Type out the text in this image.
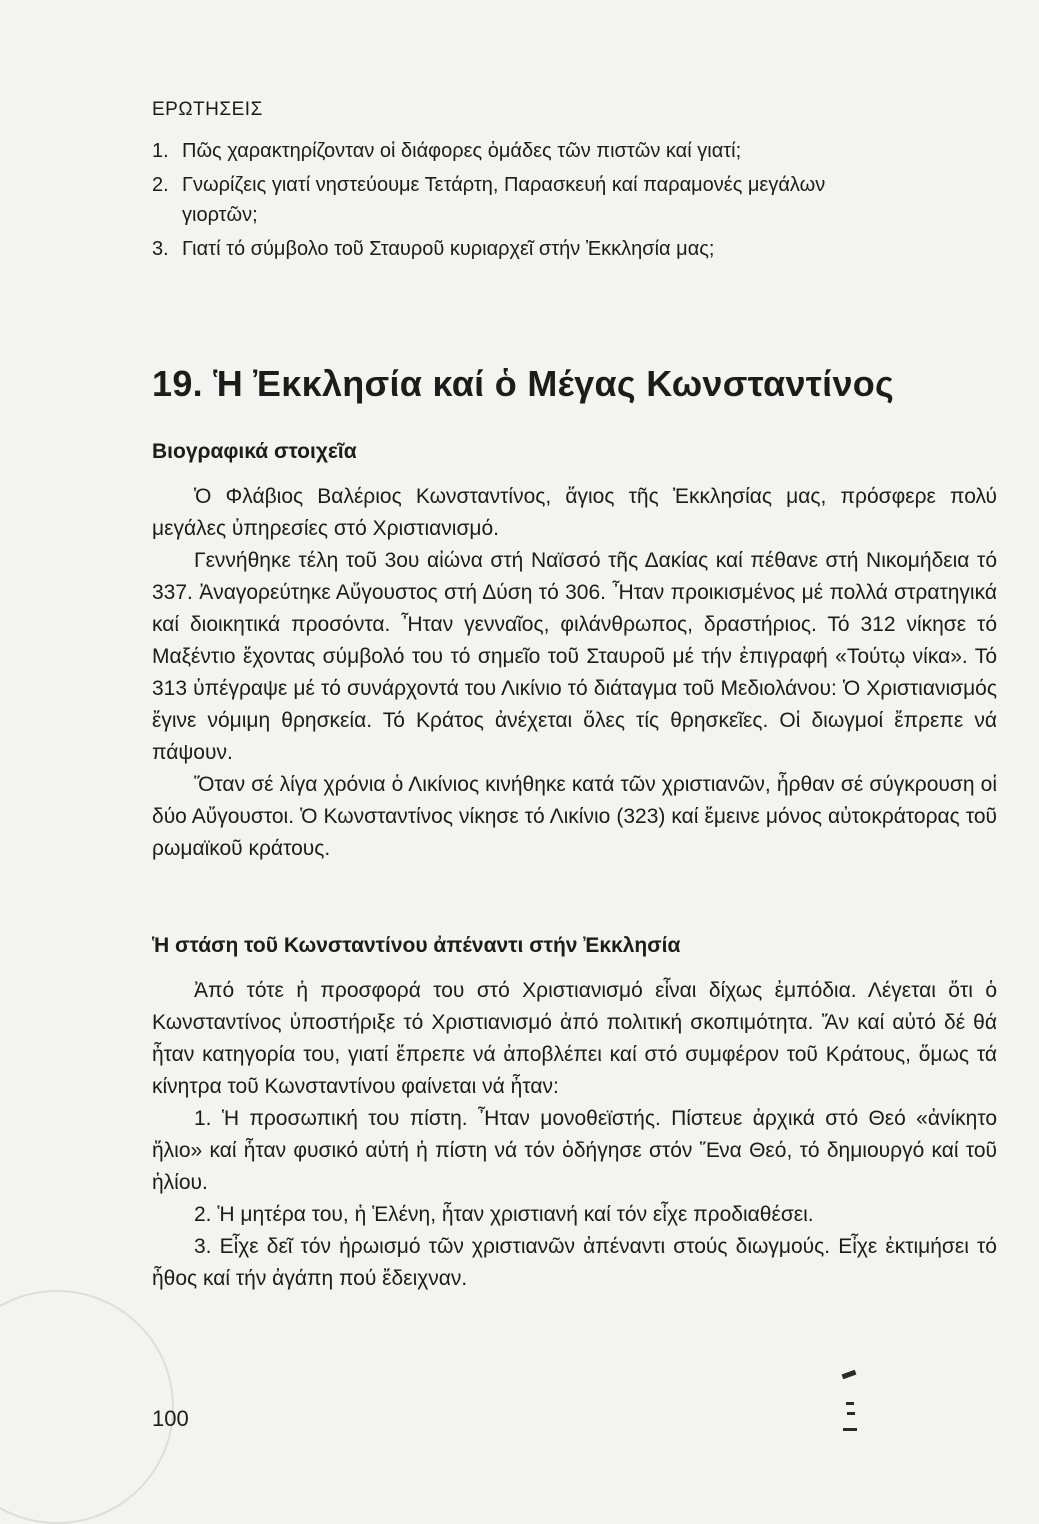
ΕΡΩΤΗΣΕΙΣ
1. Πῶς χαρακτηρίζονταν οἱ διάφορες ὁμάδες τῶν πιστῶν καί γιατί;
2. Γνωρίζεις γιατί νηστεύουμε Τετάρτη, Παρασκευή καί παραμονές μεγάλων γιορτῶν;
3. Γιατί τό σύμβολο τοῦ Σταυροῦ κυριαρχεῖ στήν Ἐκκλησία μας;
19. Ἡ Ἐκκλησία καί ὁ Μέγας Κωνσταντίνος
Βιογραφικά στοιχεῖα

Ὁ Φλάβιος Βαλέριος Κωνσταντίνος, ἅγιος τῆς Ἐκκλησίας μας, πρόσφερε πολύ μεγάλες ὑπηρεσίες στό Χριστιανισμό.

Γεννήθηκε τέλη τοῦ 3ου αἰώνα στή Ναϊσσό τῆς Δακίας καί πέθανε στή Νικομήδεια τό 337. Ἀναγορεύτηκε Αὔγουστος στή Δύση τό 306. Ἦταν προικισμένος μέ πολλά στρατηγικά καί διοικητικά προσόντα. Ἦταν γενναῖος, φιλάνθρωπος, δραστήριος. Τό 312 νίκησε τό Μαξέντιο ἔχοντας σύμβολό του τό σημεῖο τοῦ Σταυροῦ μέ τήν ἐπιγραφή «Τούτῳ νίκα». Τό 313 ὑπέγραψε μέ τό συνάρχοντά του Λικίνιο τό διάταγμα τοῦ Μεδιολάνου: Ὁ Χριστιανισμός ἔγινε νόμιμη θρησκεία. Τό Κράτος ἀνέχεται ὅλες τίς θρησκεῖες. Οἱ διωγμοί ἔπρεπε νά πάψουν.

Ὅταν σέ λίγα χρόνια ὁ Λικίνιος κινήθηκε κατά τῶν χριστιανῶν, ἦρθαν σέ σύγκρουση οἱ δύο Αὔγουστοι. Ὁ Κωνσταντίνος νίκησε τό Λικίνιο (323) καί ἔμεινε μόνος αὐτοκράτορας τοῦ ρωμαϊκοῦ κράτους.

Ἡ στάση τοῦ Κωνσταντίνου ἀπέναντι στήν Ἐκκλησία

Ἀπό τότε ἡ προσφορά του στό Χριστιανισμό εἶναι δίχως ἐμπόδια. Λέγεται ὅτι ὁ Κωνσταντίνος ὑποστήριξε τό Χριστιανισμό ἀπό πολιτική σκοπιμότητα. Ἄν καί αὐτό δέ θά ἦταν κατηγορία του, γιατί ἔπρεπε νά ἀποβλέπει καί στό συμφέρον τοῦ Κράτους, ὅμως τά κίνητρα τοῦ Κωνσταντίνου φαίνεται νά ἦταν:

1. Ἡ προσωπική του πίστη. Ἦταν μονοθεϊστής. Πίστευε ἀρχικά στό Θεό «ἀνίκητο ἥλιο» καί ἦταν φυσικό αὐτή ἡ πίστη νά τόν ὁδήγησε στόν Ἕνα Θεό, τό δημιουργό καί τοῦ ἡλίου.

2. Ἡ μητέρα του, ἡ Ἑλένη, ἦταν χριστιανή καί τόν εἶχε προδιαθέσει.

3. Εἶχε δεῖ τόν ἡρωισμό τῶν χριστιανῶν ἀπέναντι στούς διωγμούς. Εἶχε ἐκτιμήσει τό ἦθος καί τήν ἀγάπη πού ἔδειχναν.

100
